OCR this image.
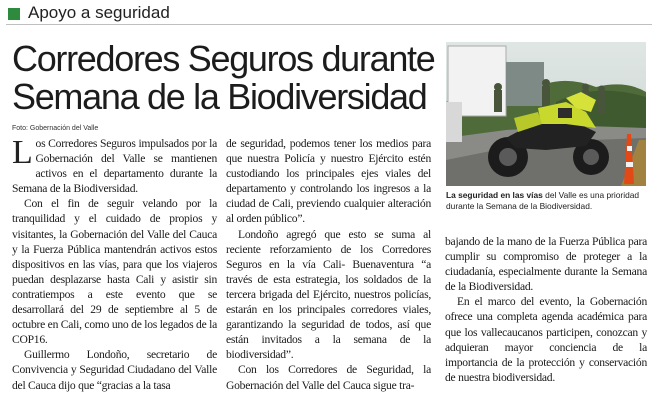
Apoyo a seguridad
Corredores Seguros durante Semana de la Biodiversidad
Foto: Gobernación del Valle
La seguridad en las vías del Valle es una prioridad durante la Semana de la Biodiversidad.

Los Corredores Seguros impulsados por la Gobernación del Valle se mantienen activos en el departamento durante la Semana de la Biodiversidad.

Con el fin de seguir velando por la tranquilidad y el cuidado de propios y visitantes, la Gobernación del Valle del Cauca y la Fuerza Pública mantendrán activos estos dispositivos en las vías, para que los viajeros puedan desplazarse hasta Cali y asistir sin contratiempos a este evento que se desarrollará del 29 de septiembre al 5 de octubre en Cali, como uno de los legados de la COP16.

Guillermo Londoño, secretario de Convivencia y Seguridad Ciudadano del Valle del Cauca dijo que “gracias a la tasa

de seguridad, podemos tener los medios para que nuestra Policía y nuestro Ejército estén custodiando los principales ejes viales del departamento y controlando los ingresos a la ciudad de Cali, previendo cualquier alteración al orden público”.

Londoño agregó que esto se suma al reciente reforzamiento de los Corredores Seguros en la vía Cali- Buenaventura “a través de esta estrategia, los soldados de la tercera brigada del Ejército, nuestros policías, estarán en los principales corredores viales, garantizando la seguridad de todos, así que están invitados a la semana de la biodiversidad”.

Con los Corredores de Seguridad, la Gobernación del Valle del Cauca sigue tra-

bajando de la mano de la Fuerza Pública para cumplir su compromiso de proteger a la ciudadanía, especialmente durante la Semana de la Biodiversidad.

En el marco del evento, la Gobernación ofrece una completa agenda académica para que los vallecaucanos participen, conozcan y adquieran mayor conciencia de la importancia de la protección y conservación de nuestra biodiversidad.
